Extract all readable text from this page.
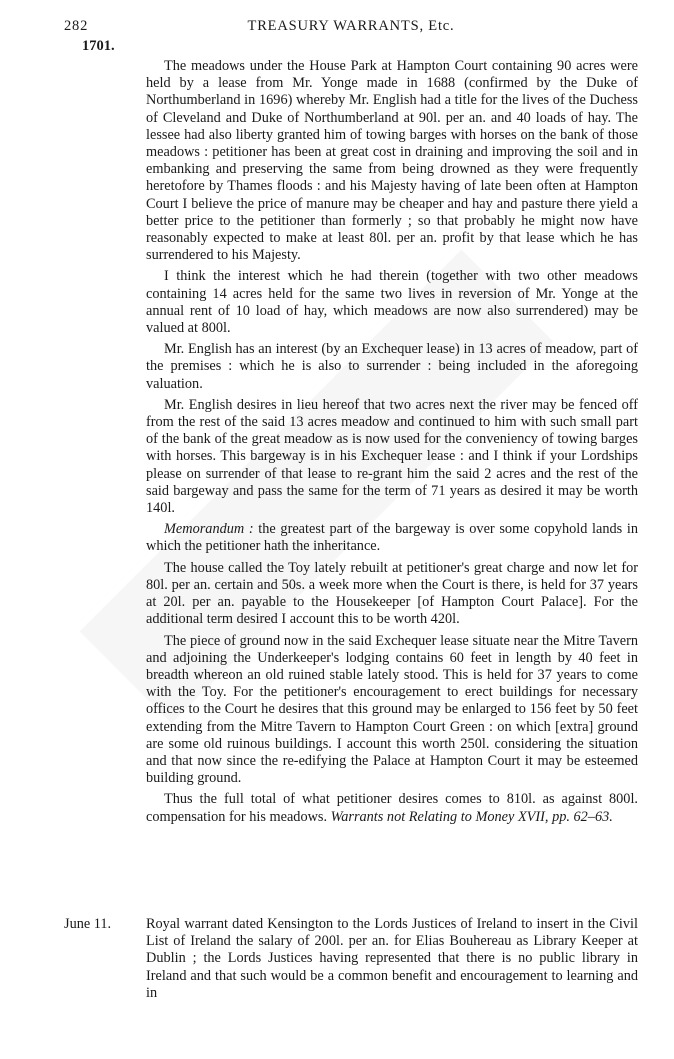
282	TREASURY WARRANTS, Etc.
1701.

The meadows under the House Park at Hampton Court containing 90 acres were held by a lease from Mr. Yonge made in 1688 (confirmed by the Duke of Northumberland in 1696) whereby Mr. English had a title for the lives of the Duchess of Cleveland and Duke of Northumberland at 90l. per an. and 40 loads of hay. The lessee had also liberty granted him of towing barges with horses on the bank of those meadows : petitioner has been at great cost in draining and improving the soil and in embanking and preserving the same from being drowned as they were frequently heretofore by Thames floods : and his Majesty having of late been often at Hampton Court I believe the price of manure may be cheaper and hay and pasture there yield a better price to the petitioner than formerly ; so that probably he might now have reasonably expected to make at least 80l. per an. profit by that lease which he has surrendered to his Majesty.

I think the interest which he had therein (together with two other meadows containing 14 acres held for the same two lives in reversion of Mr. Yonge at the annual rent of 10 load of hay, which meadows are now also surrendered) may be valued at 800l.

Mr. English has an interest (by an Exchequer lease) in 13 acres of meadow, part of the premises : which he is also to surrender : being included in the aforegoing valuation.

Mr. English desires in lieu hereof that two acres next the river may be fenced off from the rest of the said 13 acres meadow and continued to him with such small part of the bank of the great meadow as is now used for the conveniency of towing barges with horses. This bargeway is in his Exchequer lease : and I think if your Lordships please on surrender of that lease to re-grant him the said 2 acres and the rest of the said bargeway and pass the same for the term of 71 years as desired it may be worth 140l.

Memorandum : the greatest part of the bargeway is over some copyhold lands in which the petitioner hath the inheritance.

The house called the Toy lately rebuilt at petitioner's great charge and now let for 80l. per an. certain and 50s. a week more when the Court is there, is held for 37 years at 20l. per an. payable to the Housekeeper [of Hampton Court Palace]. For the additional term desired I account this to be worth 420l.

The piece of ground now in the said Exchequer lease situate near the Mitre Tavern and adjoining the Underkeeper's lodging contains 60 feet in length by 40 feet in breadth whereon an old ruined stable lately stood. This is held for 37 years to come with the Toy. For the petitioner's encouragement to erect buildings for necessary offices to the Court he desires that this ground may be enlarged to 156 feet by 50 feet extending from the Mitre Tavern to Hampton Court Green : on which [extra] ground are some old ruinous buildings. I account this worth 250l. considering the situation and that now since the re-edifying the Palace at Hampton Court it may be esteemed building ground.

Thus the full total of what petitioner desires comes to 810l. as against 800l. compensation for his meadows. Warrants not Relating to Money XVII, pp. 62–63.

June 11. Royal warrant dated Kensington to the Lords Justices of Ireland to insert in the Civil List of Ireland the salary of 200l. per an. for Elias Bouhereau as Library Keeper at Dublin ; the Lords Justices having represented that there is no public library in Ireland and that such would be a common benefit and encouragement to learning and in
